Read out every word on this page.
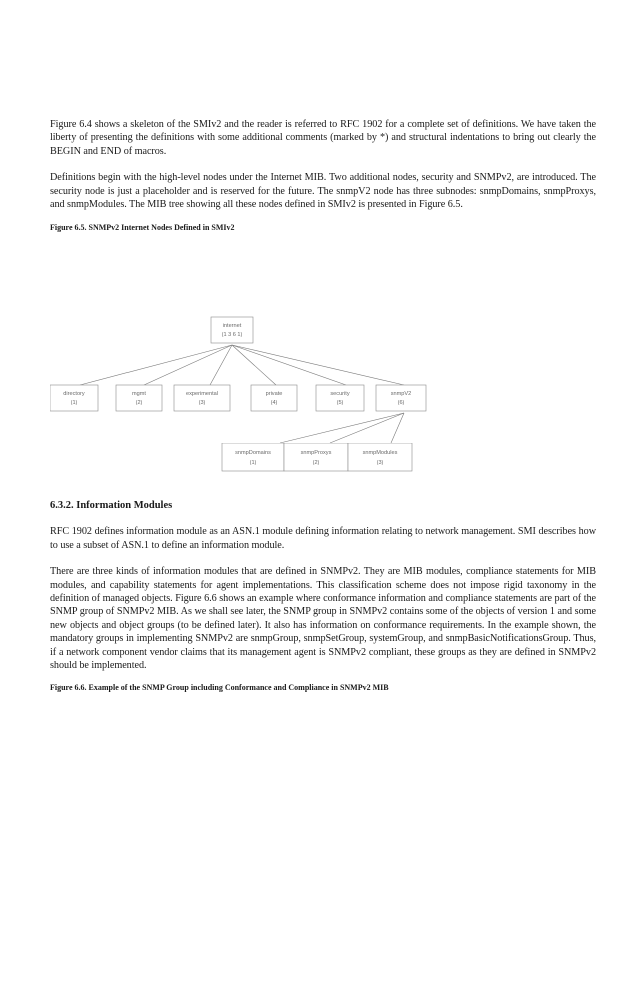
Figure 6.4 shows a skeleton of the SMIv2 and the reader is referred to RFC 1902 for a complete set of definitions. We have taken the liberty of presenting the definitions with some additional comments (marked by *) and structural indentations to bring out clearly the BEGIN and END of macros.

Definitions begin with the high-level nodes under the Internet MIB. Two additional nodes, security and SNMPv2, are introduced. The security node is just a placeholder and is reserved for the future. The snmpV2 node has three subnodes: snmpDomains, snmpProxys, and snmpModules. The MIB tree showing all these nodes defined in SMIv2 is presented in Figure 6.5.

Figure 6.5. SNMPv2 Internet Nodes Defined in SMIv2

internet
(1 3 6 1)
directory
(1)
mgmt
(2)
experimental
(3)
private
(4)
security
(5)
snmpV2
(6)
snmpDomains
(1)
snmpProxys
(2)
snmpModules
(3)
6.3.2. Information Modules

RFC 1902 defines information module as an ASN.1 module defining information relating to network management. SMI describes how to use a subset of ASN.1 to define an information module.

There are three kinds of information modules that are defined in SNMPv2. They are MIB modules, compliance statements for MIB modules, and capability statements for agent implementations. This classification scheme does not impose rigid taxonomy in the definition of managed objects. Figure 6.6 shows an example where conformance information and compliance statements are part of the SNMP group of SNMPv2 MIB. As we shall see later, the SNMP group in SNMPv2 contains some of the objects of version 1 and some new objects and object groups (to be defined later). It also has information on conformance requirements. In the example shown, the mandatory groups in implementing SNMPv2 are snmpGroup, snmpSetGroup, systemGroup, and snmpBasicNotificationsGroup. Thus, if a network component vendor claims that its management agent is SNMPv2 compliant, these groups as they are defined in SNMPv2 should be implemented.

Figure 6.6. Example of the SNMP Group including Conformance and Compliance in SNMPv2 MIB
